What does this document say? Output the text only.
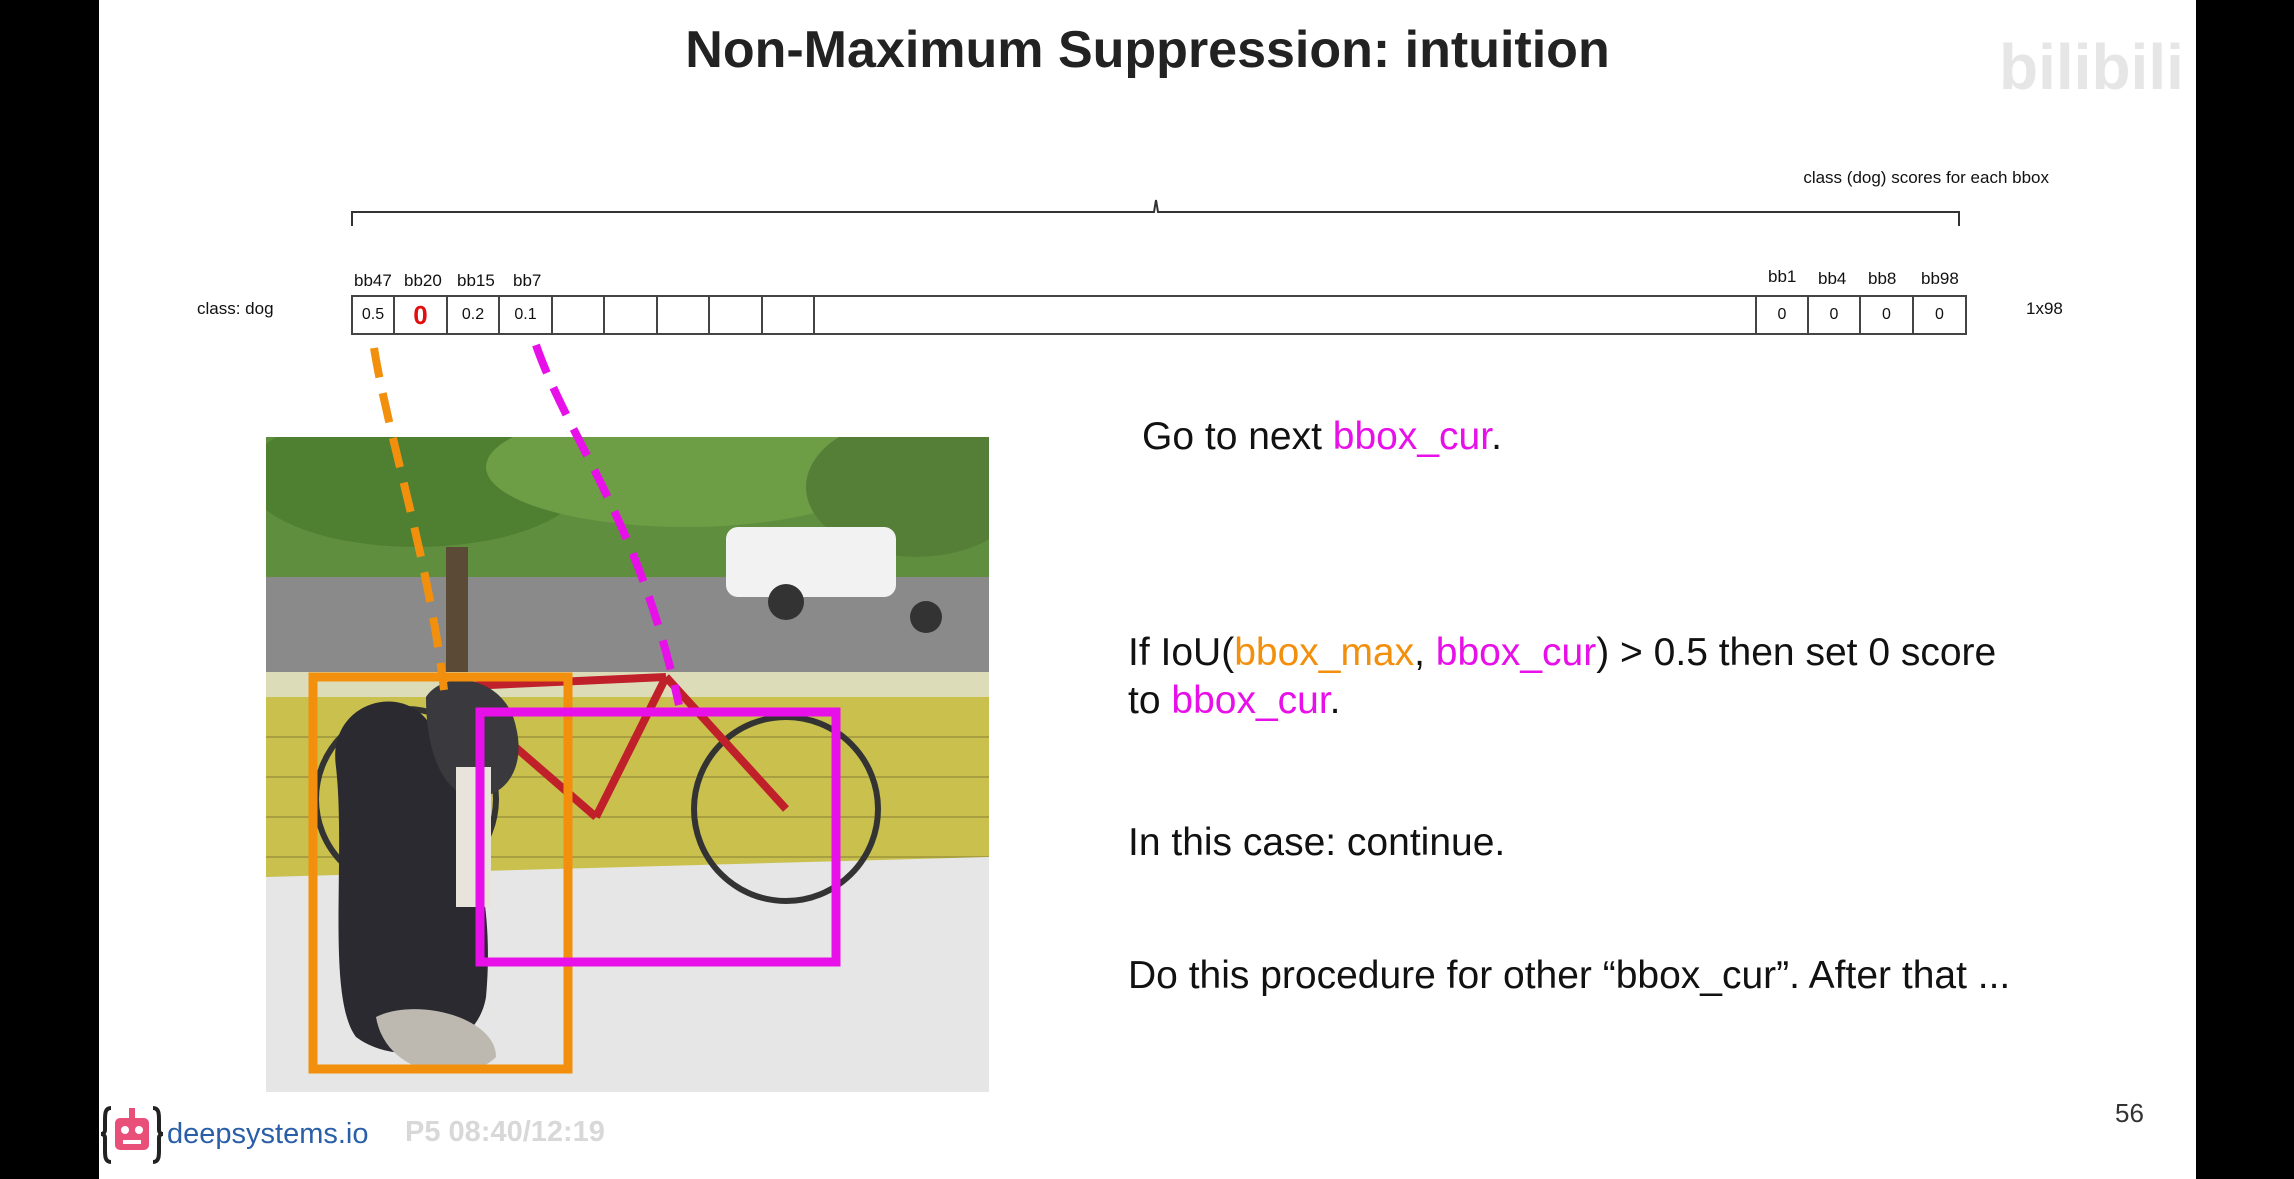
Non-Maximum Suppression: intuition	bilibili
class (dog) scores for each bbox
class: dog	1x98
bb47 bb20 bb15 bb7	bb1 bb4 bb8 bb98
0.5	0	0.2	0.1	0	0	0	0
Go to next bbox_cur.
If IoU(bbox_max, bbox_cur) > 0.5 then set 0 score
to bbox_cur.
In this case: continue.
Do this procedure for other “bbox_cur”. After that ...
56
deepsystems.io P5 08:40/12:19
